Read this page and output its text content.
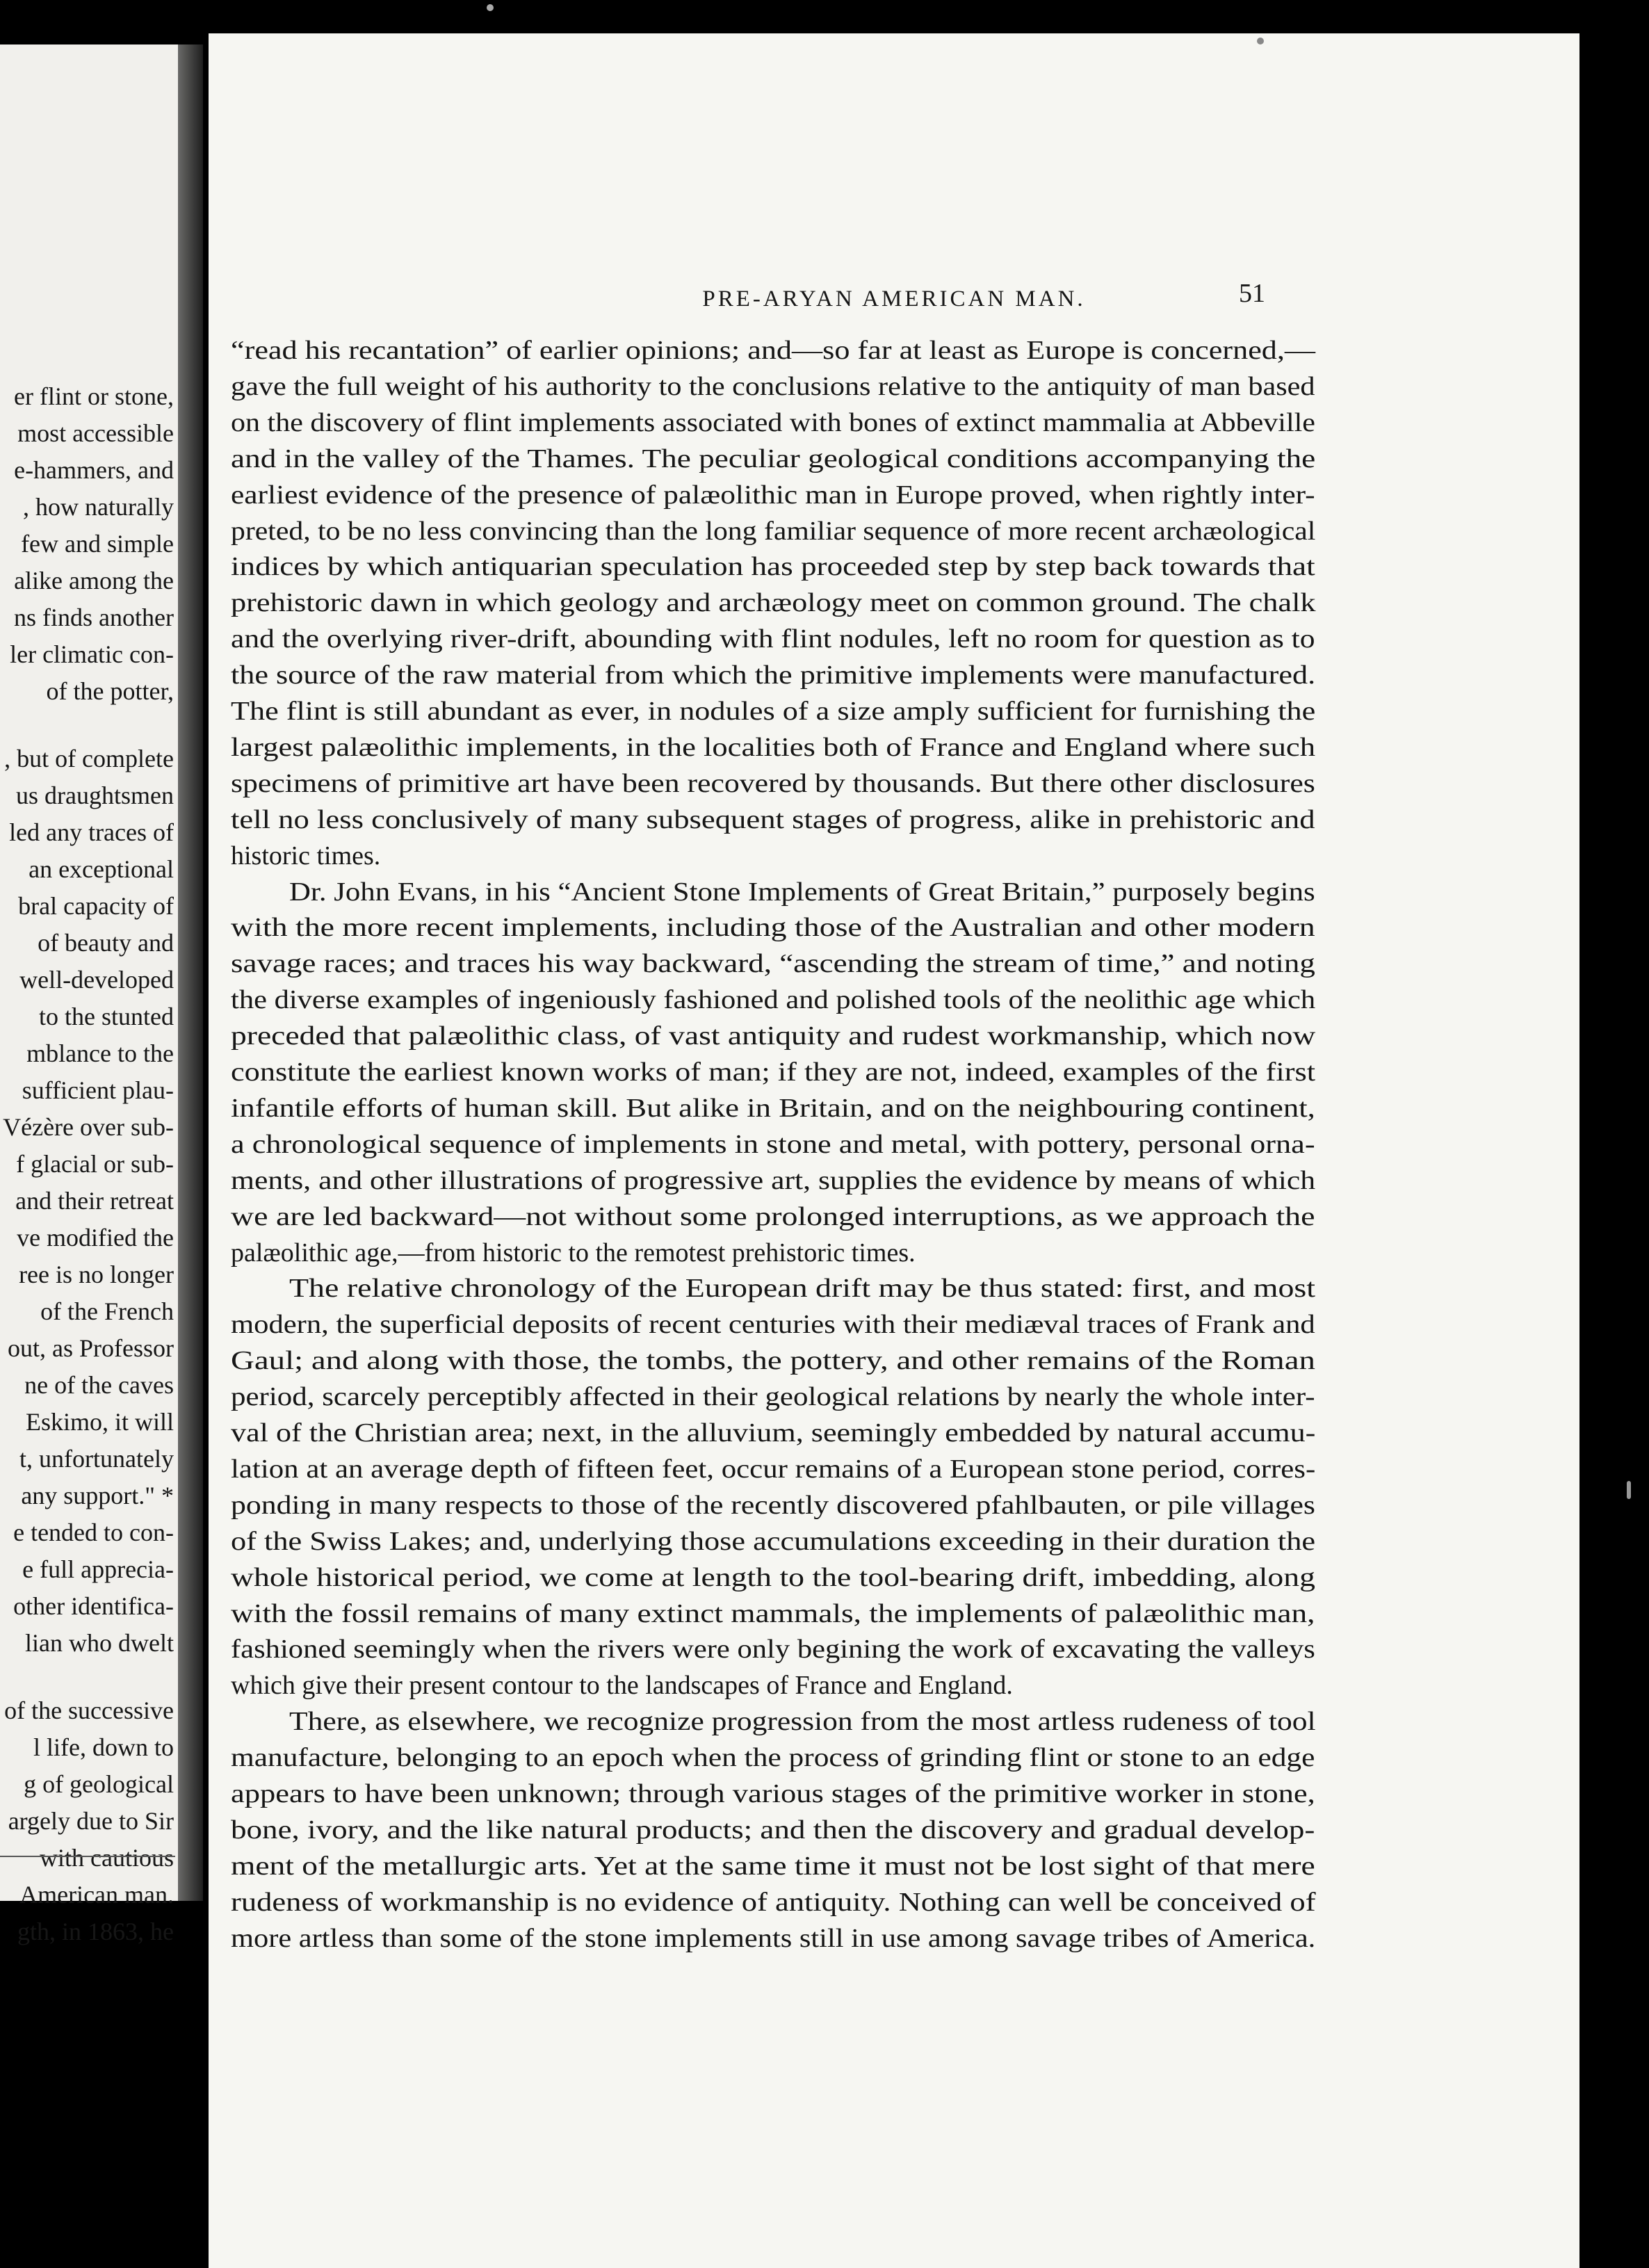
er flint or stone,
most accessible
e-hammers, and
, how naturally
few and simple
alike among the
ns finds another
ler climatic con-
of the potter,
, but of complete
us draughtsmen
led any traces of
an exceptional
bral capacity of
of beauty and
well-developed
to the stunted
mblance to the
sufficient plau-
Vézère over sub-
f glacial or sub-
and their retreat
ve modified the
ree is no longer
of the French
out, as Professor
ne of the caves
Eskimo, it will
t, unfortunately
any support." *
e tended to con-
e full apprecia-
other identifica-
lian who dwelt
of the successive
l life, down to
g of geological
argely due to Sir
with cautious
American man.
gth, in 1863, he
PRE-ARYAN AMERICAN MAN.	51
“read his recantation” of earlier opinions; and—so far at least as Europe is concerned,—
gave the full weight of his authority to the conclusions relative to the antiquity of man based
on the discovery of flint implements associated with bones of extinct mammalia at Abbeville
and in the valley of the Thames. The peculiar geological conditions accompanying the
earliest evidence of the presence of palæolithic man in Europe proved, when rightly inter-
preted, to be no less convincing than the long familiar sequence of more recent archæological
indices by which antiquarian speculation has proceeded step by step back towards that
prehistoric dawn in which geology and archæology meet on common ground. The chalk
and the overlying river-drift, abounding with flint nodules, left no room for question as to
the source of the raw material from which the primitive implements were manufactured.
The flint is still abundant as ever, in nodules of a size amply sufficient for furnishing the
largest palæolithic implements, in the localities both of France and England where such
specimens of primitive art have been recovered by thousands. But there other disclosures
tell no less conclusively of many subsequent stages of progress, alike in prehistoric and
historic times.
Dr. John Evans, in his “Ancient Stone Implements of Great Britain,” purposely begins
with the more recent implements, including those of the Australian and other modern
savage races; and traces his way backward, “ascending the stream of time,” and noting
the diverse examples of ingeniously fashioned and polished tools of the neolithic age which
preceded that palæolithic class, of vast antiquity and rudest workmanship, which now
constitute the earliest known works of man; if they are not, indeed, examples of the first
infantile efforts of human skill. But alike in Britain, and on the neighbouring continent,
a chronological sequence of implements in stone and metal, with pottery, personal orna-
ments, and other illustrations of progressive art, supplies the evidence by means of which
we are led backward—not without some prolonged interruptions, as we approach the
palæolithic age,—from historic to the remotest prehistoric times.
The relative chronology of the European drift may be thus stated: first, and most
modern, the superficial deposits of recent centuries with their mediæval traces of Frank and
Gaul; and along with those, the tombs, the pottery, and other remains of the Roman
period, scarcely perceptibly affected in their geological relations by nearly the whole inter-
val of the Christian area; next, in the alluvium, seemingly embedded by natural accumu-
lation at an average depth of fifteen feet, occur remains of a European stone period, corres-
ponding in many respects to those of the recently discovered pfahlbauten, or pile villages
of the Swiss Lakes; and, underlying those accumulations exceeding in their duration the
whole historical period, we come at length to the tool-bearing drift, imbedding, along
with the fossil remains of many extinct mammals, the implements of palæolithic man,
fashioned seemingly when the rivers were only begining the work of excavating the valleys
which give their present contour to the landscapes of France and England.
There, as elsewhere, we recognize progression from the most artless rudeness of tool
manufacture, belonging to an epoch when the process of grinding flint or stone to an edge
appears to have been unknown; through various stages of the primitive worker in stone,
bone, ivory, and the like natural products; and then the discovery and gradual develop-
ment of the metallurgic arts. Yet at the same time it must not be lost sight of that mere
rudeness of workmanship is no evidence of antiquity. Nothing can well be conceived of
more artless than some of the stone implements still in use among savage tribes of America.
